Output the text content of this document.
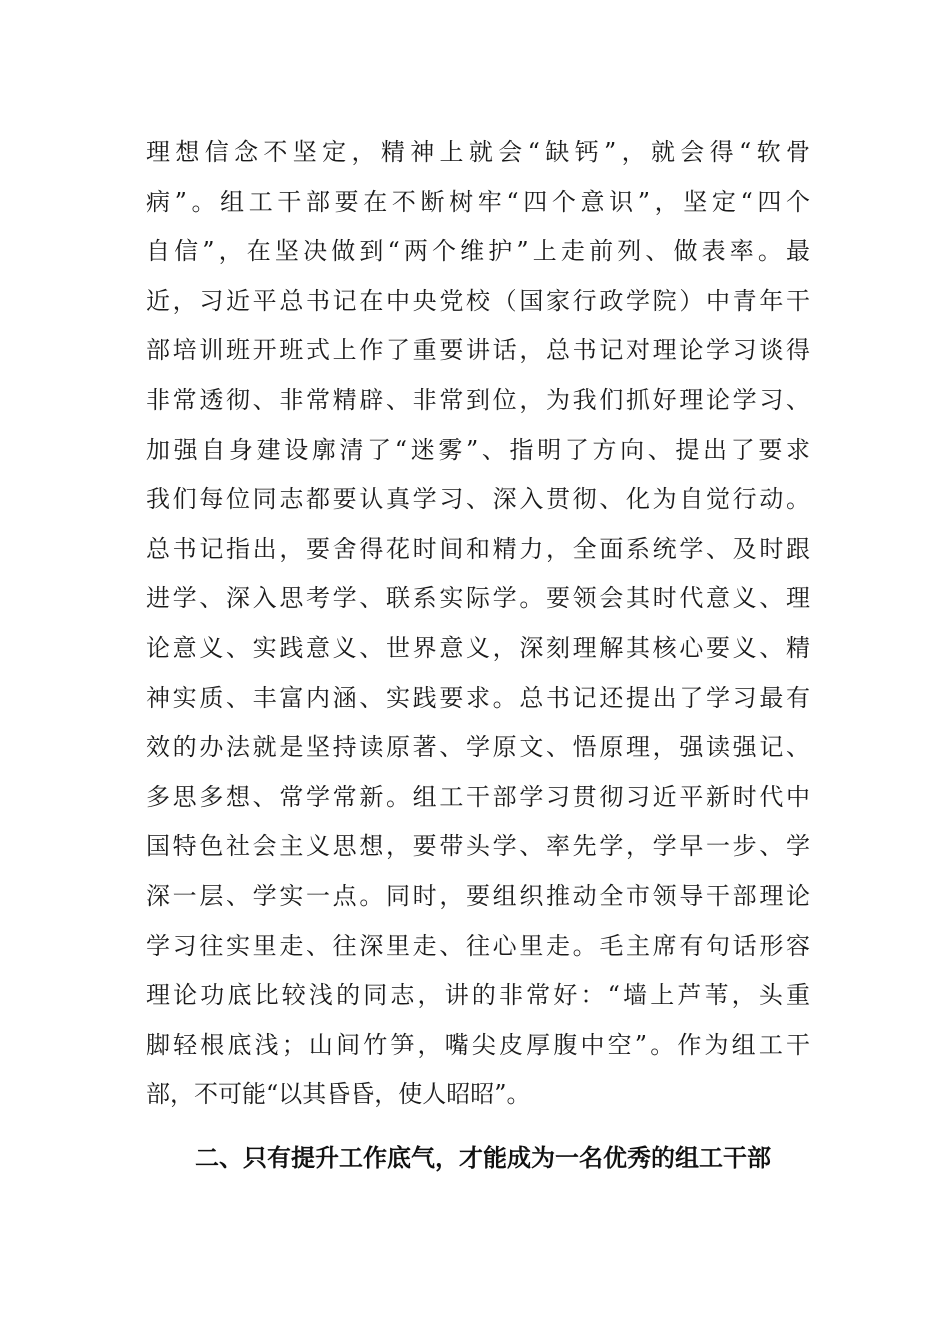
理想信念不坚定，精神上就会“缺钙”，就会得“软骨
病”。组工干部要在不断树牢“四个意识”，坚定“四个
自信”，在坚决做到“两个维护”上走前列、做表率。最
近，习近平总书记在中央党校（国家行政学院）中青年干
部培训班开班式上作了重要讲话，总书记对理论学习谈得
非常透彻、非常精辟、非常到位，为我们抓好理论学习、
加强自身建设廓清了“迷雾”、指明了方向、提出了要求
我们每位同志都要认真学习、深入贯彻、化为自觉行动。
总书记指出，要舍得花时间和精力，全面系统学、及时跟
进学、深入思考学、联系实际学。要领会其时代意义、理
论意义、实践意义、世界意义，深刻理解其核心要义、精
神实质、丰富内涵、实践要求。总书记还提出了学习最有
效的办法就是坚持读原著、学原文、悟原理，强读强记、
多思多想、常学常新。组工干部学习贯彻习近平新时代中
国特色社会主义思想，要带头学、率先学，学早一步、学
深一层、学实一点。同时，要组织推动全市领导干部理论
学习往实里走、往深里走、往心里走。毛主席有句话形容
理论功底比较浅的同志，讲的非常好：“墙上芦苇，头重
脚轻根底浅；山间竹笋，嘴尖皮厚腹中空”。作为组工干
部，不可能“以其昏昏，使人昭昭”。
二、只有提升工作底气，才能成为一名优秀的组工干部
